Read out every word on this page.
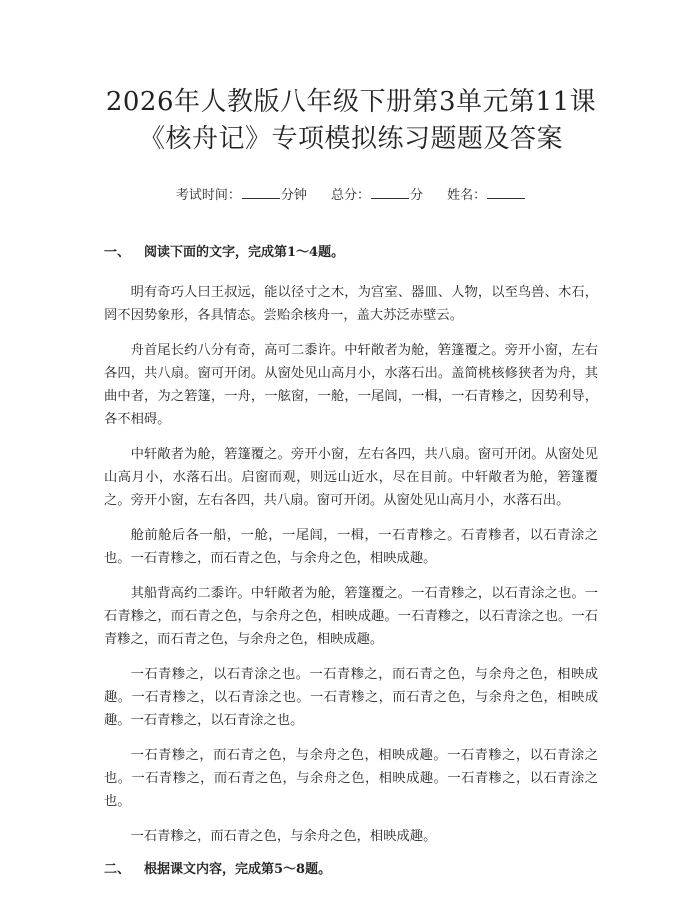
2026年人教版八年级下册第3单元第11课
《核舟记》专项模拟练习题题及答案
考试时间：	分钟 总分：	分 姓名：
一、 阅读下面的文字，完成第1～4题。

明有奇巧人曰王叔远，能以径寸之木，为宫室、器皿、人物，以至鸟兽、木石，罔不因势象形，各具情态。尝贻余核舟一，盖大苏泛赤壁云。

舟首尾长约八分有奇，高可二黍许。中轩敞者为舱，箬篷覆之。旁开小窗，左右各四，共八扇。窗可开闭。从窗处见山高月小，水落石出。盖简桃核修狭者为舟，其曲中者，为之箬篷，一舟，一舷窗，一舱，一尾闾，一楫，一石青糁之，因势利导，各不相碍。

中轩敞者为舱，箬篷覆之。旁开小窗，左右各四，共八扇。窗可开闭。从窗处见山高月小，水落石出。启窗而观，则远山近水，尽在目前。中轩敞者为舱，箬篷覆之。旁开小窗，左右各四，共八扇。窗可开闭。从窗处见山高月小，水落石出。

舱前舱后各一船，一舱，一尾闾，一楫，一石青糁之。石青糁者，以石青涂之也。一石青糁之，而石青之色，与余舟之色，相映成趣。

其船背高约二黍许。中轩敞者为舱，箬篷覆之。一石青糁之，以石青涂之也。一石青糁之，而石青之色，与余舟之色，相映成趣。一石青糁之，以石青涂之也。一石青糁之，而石青之色，与余舟之色，相映成趣。

一石青糁之，以石青涂之也。一石青糁之，而石青之色，与余舟之色，相映成趣。一石青糁之，以石青涂之也。一石青糁之，而石青之色，与余舟之色，相映成趣。一石青糁之，以石青涂之也。

一石青糁之，而石青之色，与余舟之色，相映成趣。一石青糁之，以石青涂之也。一石青糁之，而石青之色，与余舟之色，相映成趣。一石青糁之，以石青涂之也。

一石青糁之，而石青之色，与余舟之色，相映成趣。

二、 根据课文内容，完成第5～8题。
